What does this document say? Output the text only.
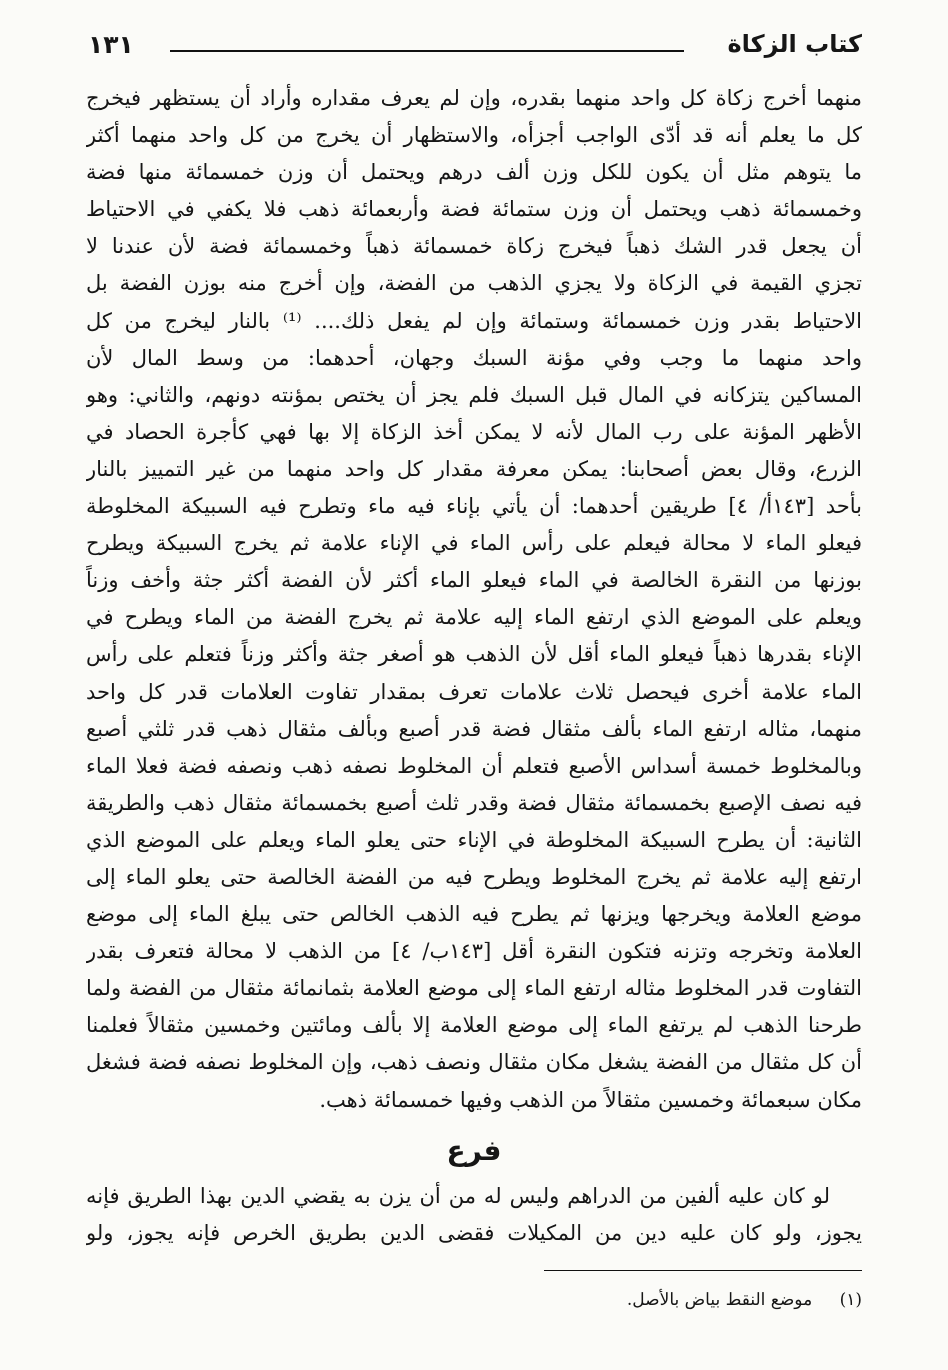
كتاب الزكاة
١٣١
منهما أخرج زكاة كل واحد منهما بقدره، وإن لم يعرف مقداره وأراد أن يستظهر فيخرج
كل ما يعلم أنه قد أدّى الواجب أجزأه، والاستظهار أن يخرج من كل واحد منهما أكثر
ما يتوهم مثل أن يكون للكل وزن ألف درهم ويحتمل أن وزن خمسمائة منها فضة
وخمسمائة ذهب ويحتمل أن وزن ستمائة فضة وأربعمائة ذهب فلا يكفي في الاحتياط
أن يجعل قدر الشك ذهباً فيخرج زكاة خمسمائة ذهباً وخمسمائة فضة لأن عندنا لا
تجزي القيمة في الزكاة ولا يجزي الذهب من الفضة، وإن أخرج منه بوزن الفضة بل
الاحتياط بقدر وزن خمسمائة وستمائة وإن لم يفعل ذلك.... ⁽¹⁾ بالنار ليخرج من كل
واحد منهما ما وجب وفي مؤنة السبك وجهان، أحدهما: من وسط المال لأن
المساكين يتزكانه في المال قبل السبك فلم يجز أن يختص بمؤنته دونهم، والثاني: وهو
الأظهر المؤنة على رب المال لأنه لا يمكن أخذ الزكاة إلا بها فهي كأجرة الحصاد في
الزرع، وقال بعض أصحابنا: يمكن معرفة مقدار كل واحد منهما من غير التمييز بالنار
بأحد [١٤٣أ/ ٤] طريقين أحدهما: أن يأتي بإناء فيه ماء وتطرح فيه السبيكة المخلوطة
فيعلو الماء لا محالة فيعلم على رأس الماء في الإناء علامة ثم يخرج السبيكة ويطرح
بوزنها من النقرة الخالصة في الماء فيعلو الماء أكثر لأن الفضة أكثر جثة وأخف وزناً
ويعلم على الموضع الذي ارتفع الماء إليه علامة ثم يخرج الفضة من الماء ويطرح في
الإناء بقدرها ذهباً فيعلو الماء أقل لأن الذهب هو أصغر جثة وأكثر وزناً فتعلم على رأس
الماء علامة أخرى فيحصل ثلاث علامات تعرف بمقدار تفاوت العلامات قدر كل واحد
منهما، مثاله ارتفع الماء بألف مثقال فضة قدر أصبع وبألف مثقال ذهب قدر ثلثي أصبع
وبالمخلوط خمسة أسداس الأصبع فتعلم أن المخلوط نصفه ذهب ونصفه فضة فعلا الماء
فيه نصف الإصبع بخمسمائة مثقال فضة وقدر ثلث أصبع بخمسمائة مثقال ذهب والطريقة
الثانية: أن يطرح السبيكة المخلوطة في الإناء حتى يعلو الماء ويعلم على الموضع الذي
ارتفع إليه علامة ثم يخرج المخلوط ويطرح فيه من الفضة الخالصة حتى يعلو الماء إلى
موضع العلامة ويخرجها ويزنها ثم يطرح فيه الذهب الخالص حتى يبلغ الماء إلى موضع
العلامة وتخرجه وتزنه فتكون النقرة أقل [١٤٣ب/ ٤] من الذهب لا محالة فتعرف بقدر
التفاوت قدر المخلوط مثاله ارتفع الماء إلى موضع العلامة بثمانمائة مثقال من الفضة ولما
طرحنا الذهب لم يرتفع الماء إلى موضع العلامة إلا بألف ومائتين وخمسين مثقالاً فعلمنا
أن كل مثقال من الفضة يشغل مكان مثقال ونصف ذهب، وإن المخلوط نصفه فضة فشغل
مكان سبعمائة وخمسين مثقالاً من الذهب وفيها خمسمائة ذهب.
فرع
لو كان عليه ألفين من الدراهم وليس له من أن يزن به يقضي الدين بهذا الطريق فإنه
يجوز، ولو كان عليه دين من المكيلات فقضى الدين بطريق الخرص فإنه يجوز، ولو
(١) موضع النقط بياض بالأصل.
